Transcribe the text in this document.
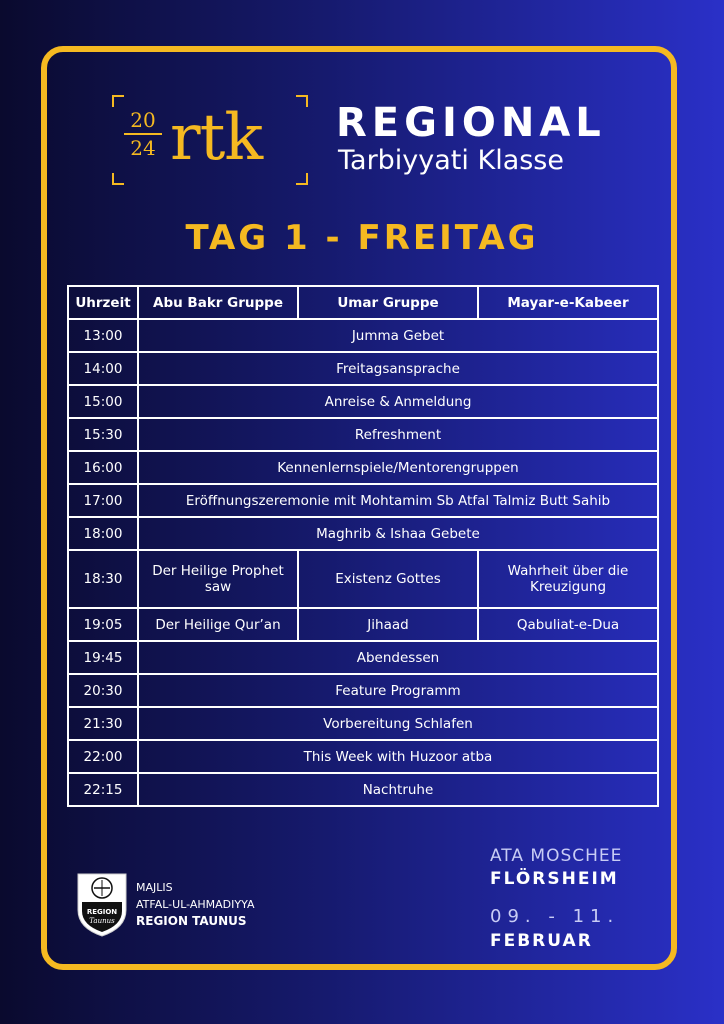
20
24 rtk REGIONAL
Tarbiyyati Klasse
TAG 1 - FREITAG
Uhrzeit	Abu Bakr Gruppe	Umar Gruppe	Mayar-e-Kabeer
13:00	Jumma Gebet		
14:00	Freitagsansprache		
15:00	Anreise & Anmeldung		
15:30	Refreshment		
16:00	Kennenlernspiele/Mentorengruppen		
17:00	Eröffnungszeremonie mit Mohtamim Sb Atfal Talmiz Butt Sahib		
18:00	Maghrib & Ishaa Gebete		
18:30	Der Heilige Prophet saw	Existenz Gottes	Wahrheit über die Kreuzigung
19:05	Der Heilige Qur’an	Jihaad	Qabuliat-e-Dua
19:45	Abendessen		
20:30	Feature Programm		
21:30	Vorbereitung Schlafen		
22:00	This Week with Huzoor atba		
22:15	Nachtruhe		
REGION
Taunus
MAJLIS
ATFAL-UL-AHMADIYYA
REGION TAUNUS
ATA MOSCHEE
FLÖRSHEIM
09. - 11.
FEBRUAR
